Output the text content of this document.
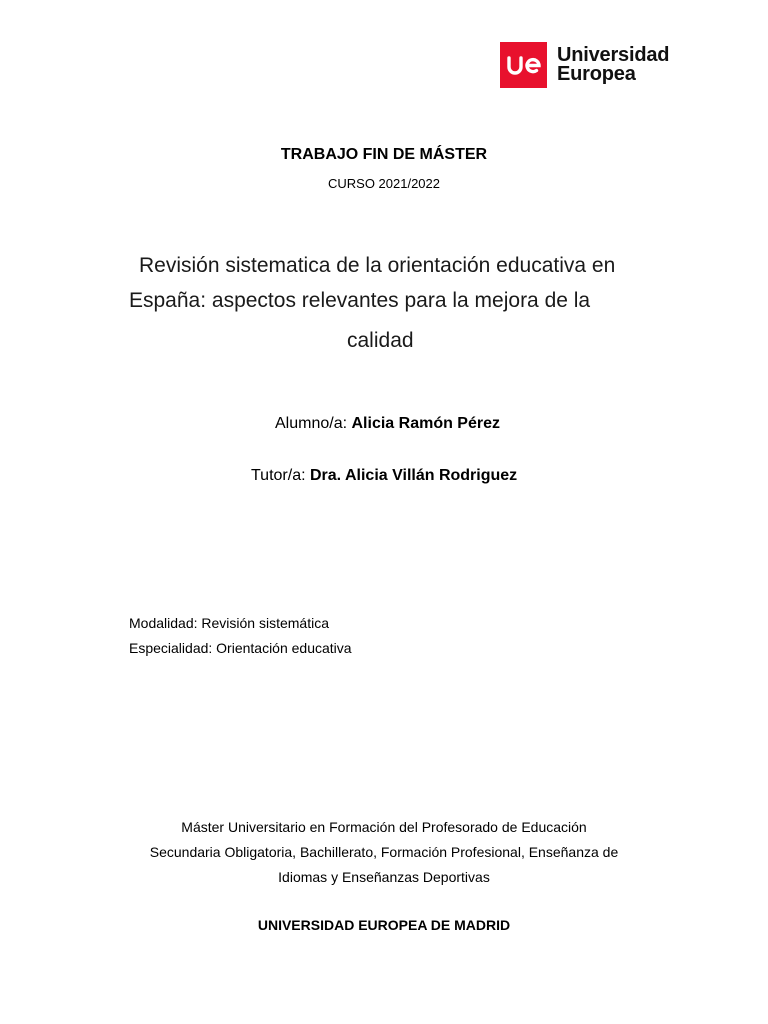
Universidad
Europea
TRABAJO FIN DE MÁSTER
CURSO 2021/2022
Revisión sistematica de la orientación educativa en
España: aspectos relevantes para la mejora de la
calidad
Alumno/a: Alicia Ramón Pérez
Tutor/a: Dra. Alicia Villán Rodriguez
Modalidad: Revisión sistemática
Especialidad: Orientación educativa
Máster Universitario en Formación del Profesorado de Educación
Secundaria Obligatoria, Bachillerato, Formación Profesional, Enseñanza de
Idiomas y Enseñanzas Deportivas
UNIVERSIDAD EUROPEA DE MADRID
